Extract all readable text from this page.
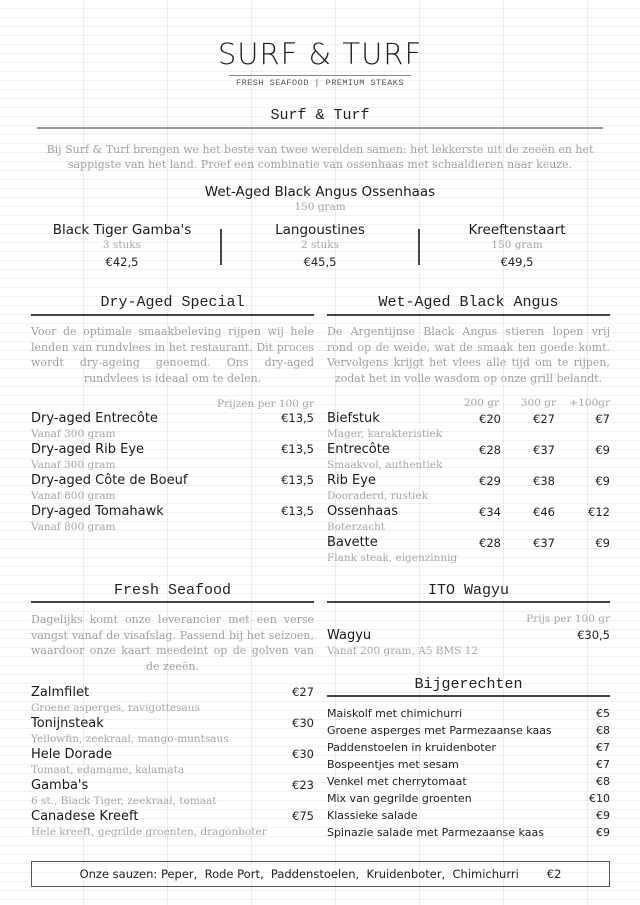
SURF & TURF
FRESH SEAFOOD | PREMIUM STEAKS
Surf & Turf
Bij Surf & Turf brengen we het beste van twee werelden samen: het lekkerste uit de zeeën en het
sappigste van het land. Proef een combinatie van ossenhaas met schaaldieren naar keuze.
Wet-Aged Black Angus Ossenhaas
150 gram
Black Tiger Gamba's
3 stuks
€42,5
Langoustines
2 stuks
€45,5
Kreeftenstaart
150 gram
€49,5
Dry-Aged Special
Voor de optimale smaakbeleving rijpen wij hele lenden van rundvlees in het restaurant. Dit proces wordt dry-ageing genoemd. Ons dry-aged rundvlees is ideaal om te delen.
Prijzen per 100 gr
Dry-aged Entrecôte	€13,5
Vanaf 300 gram
Dry-aged Rib Eye	€13,5
Vanaf 300 gram
Dry-aged Côte de Boeuf	€13,5
Vanaf 800 gram
Dry-aged Tomahawk	€13,5
Vanaf 800 gram
Wet-Aged Black Angus
De Argentijnse Black Angus stieren lopen vrij rond op de weide, wat de smaak ten goede komt. Vervolgens krijgt het vlees alle tijd om te rijpen, zodat het in volle wasdom op onze grill belandt.
200 gr 300 gr	+100gr
Biefstuk	€20	€27	€7
Mager, karakteristiek
Entrecôte	€28	€37	€9
Smaakvol, authentiek
Rib Eye	€29	€38	€9
Dooraderd, rustiek
Ossenhaas	€34	€46	€12
Boterzacht
Bavette	€28	€37	€9
Flank steak, eigenzinnig
Fresh Seafood
Dagelijks komt onze leverancier met een verse vangst vanaf de visafslag. Passend bij het seizoen, waardoor onze kaart meedeint op de golven van de zeeën.
Zalmfilet	€27
Groene asperges, ravigottesaus
Tonijnsteak	€30
Yellowfin, zeekraal, mango-muntsaus
Hele Dorade	€30
Tomaat, edamame, kalamata
Gamba's	€23
6 st., Black Tiger, zeekraal, tomaat
Canadese Kreeft	€75
Hele kreeft, gegrilde groenten, dragonboter
ITO Wagyu
Prijs per 100 gr
Wagyu	€30,5
Vanaf 200 gram, A5 BMS 12
Bijgerechten
Maiskolf met chimichurri	€5
Groene asperges met Parmezaanse kaas	€8
Paddenstoelen in kruidenboter	€7
Bospeentjes met sesam	€7
Venkel met cherrytomaat	€8
Mix van gegrilde groenten	€10
Klassieke salade	€9
Spinazie salade met Parmezaanse kaas	€9
Onze sauzen: Peper,  Rode Port,  Paddenstoelen,  Kruidenboter,  Chimichurri €2
